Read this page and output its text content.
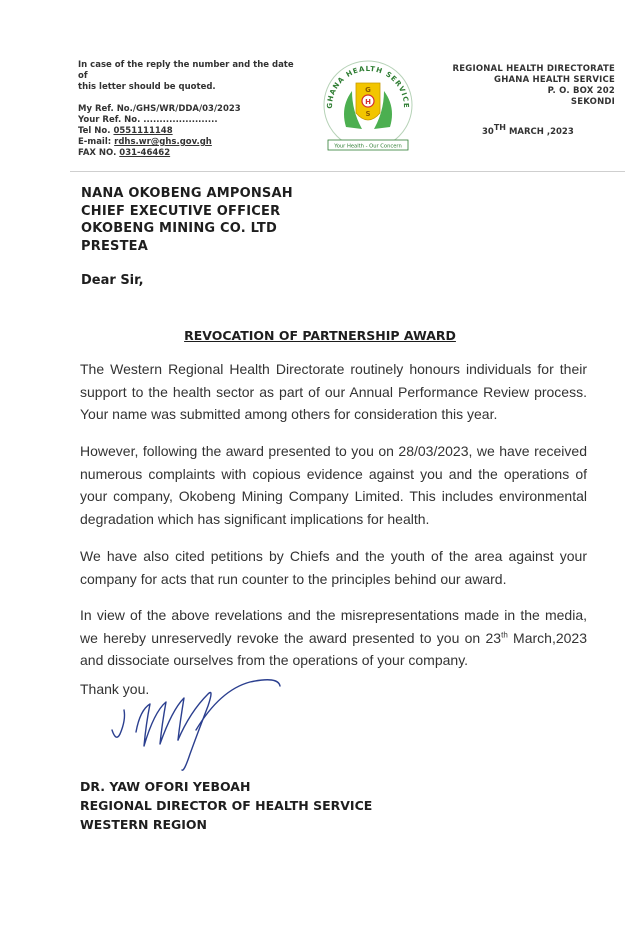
In case of the reply the number and the date of
this letter should be quoted.
My Ref. No./GHS/WR/DDA/03/2023
Your Ref. No. .......................
Tel No. 0551111148
E-mail: rdhs.wr@ghs.gov.gh
FAX NO. 031-46462
GHANA HEALTH SERVICE
G
H
S
Your Health - Our Concern
REGIONAL HEALTH DIRECTORATE
GHANA HEALTH SERVICE
P. O. BOX 202
SEKONDI
30TH MARCH ,2023
NANA OKOBENG AMPONSAH
CHIEF EXECUTIVE OFFICER
OKOBENG MINING CO. LTD
PRESTEA
Dear Sir,
REVOCATION OF PARTNERSHIP AWARD
The Western Regional Health Directorate routinely honours individuals for their support to the health sector as part of our Annual Performance Review process. Your name was submitted among others for consideration this year.
However, following the award presented to you on 28/03/2023, we have received numerous complaints with copious evidence against you and the operations of your company, Okobeng Mining Company Limited. This includes environmental degradation which has significant implications for health.
We have also cited petitions by Chiefs and the youth of the area against your company for acts that run counter to the principles behind our award.
In view of the above revelations and the misrepresentations made in the media, we hereby unreservedly revoke the award presented to you on 23th March,2023 and dissociate ourselves from the operations of your company.
Thank you.
DR. YAW OFORI YEBOAH
REGIONAL DIRECTOR OF HEALTH SERVICE
WESTERN REGION
